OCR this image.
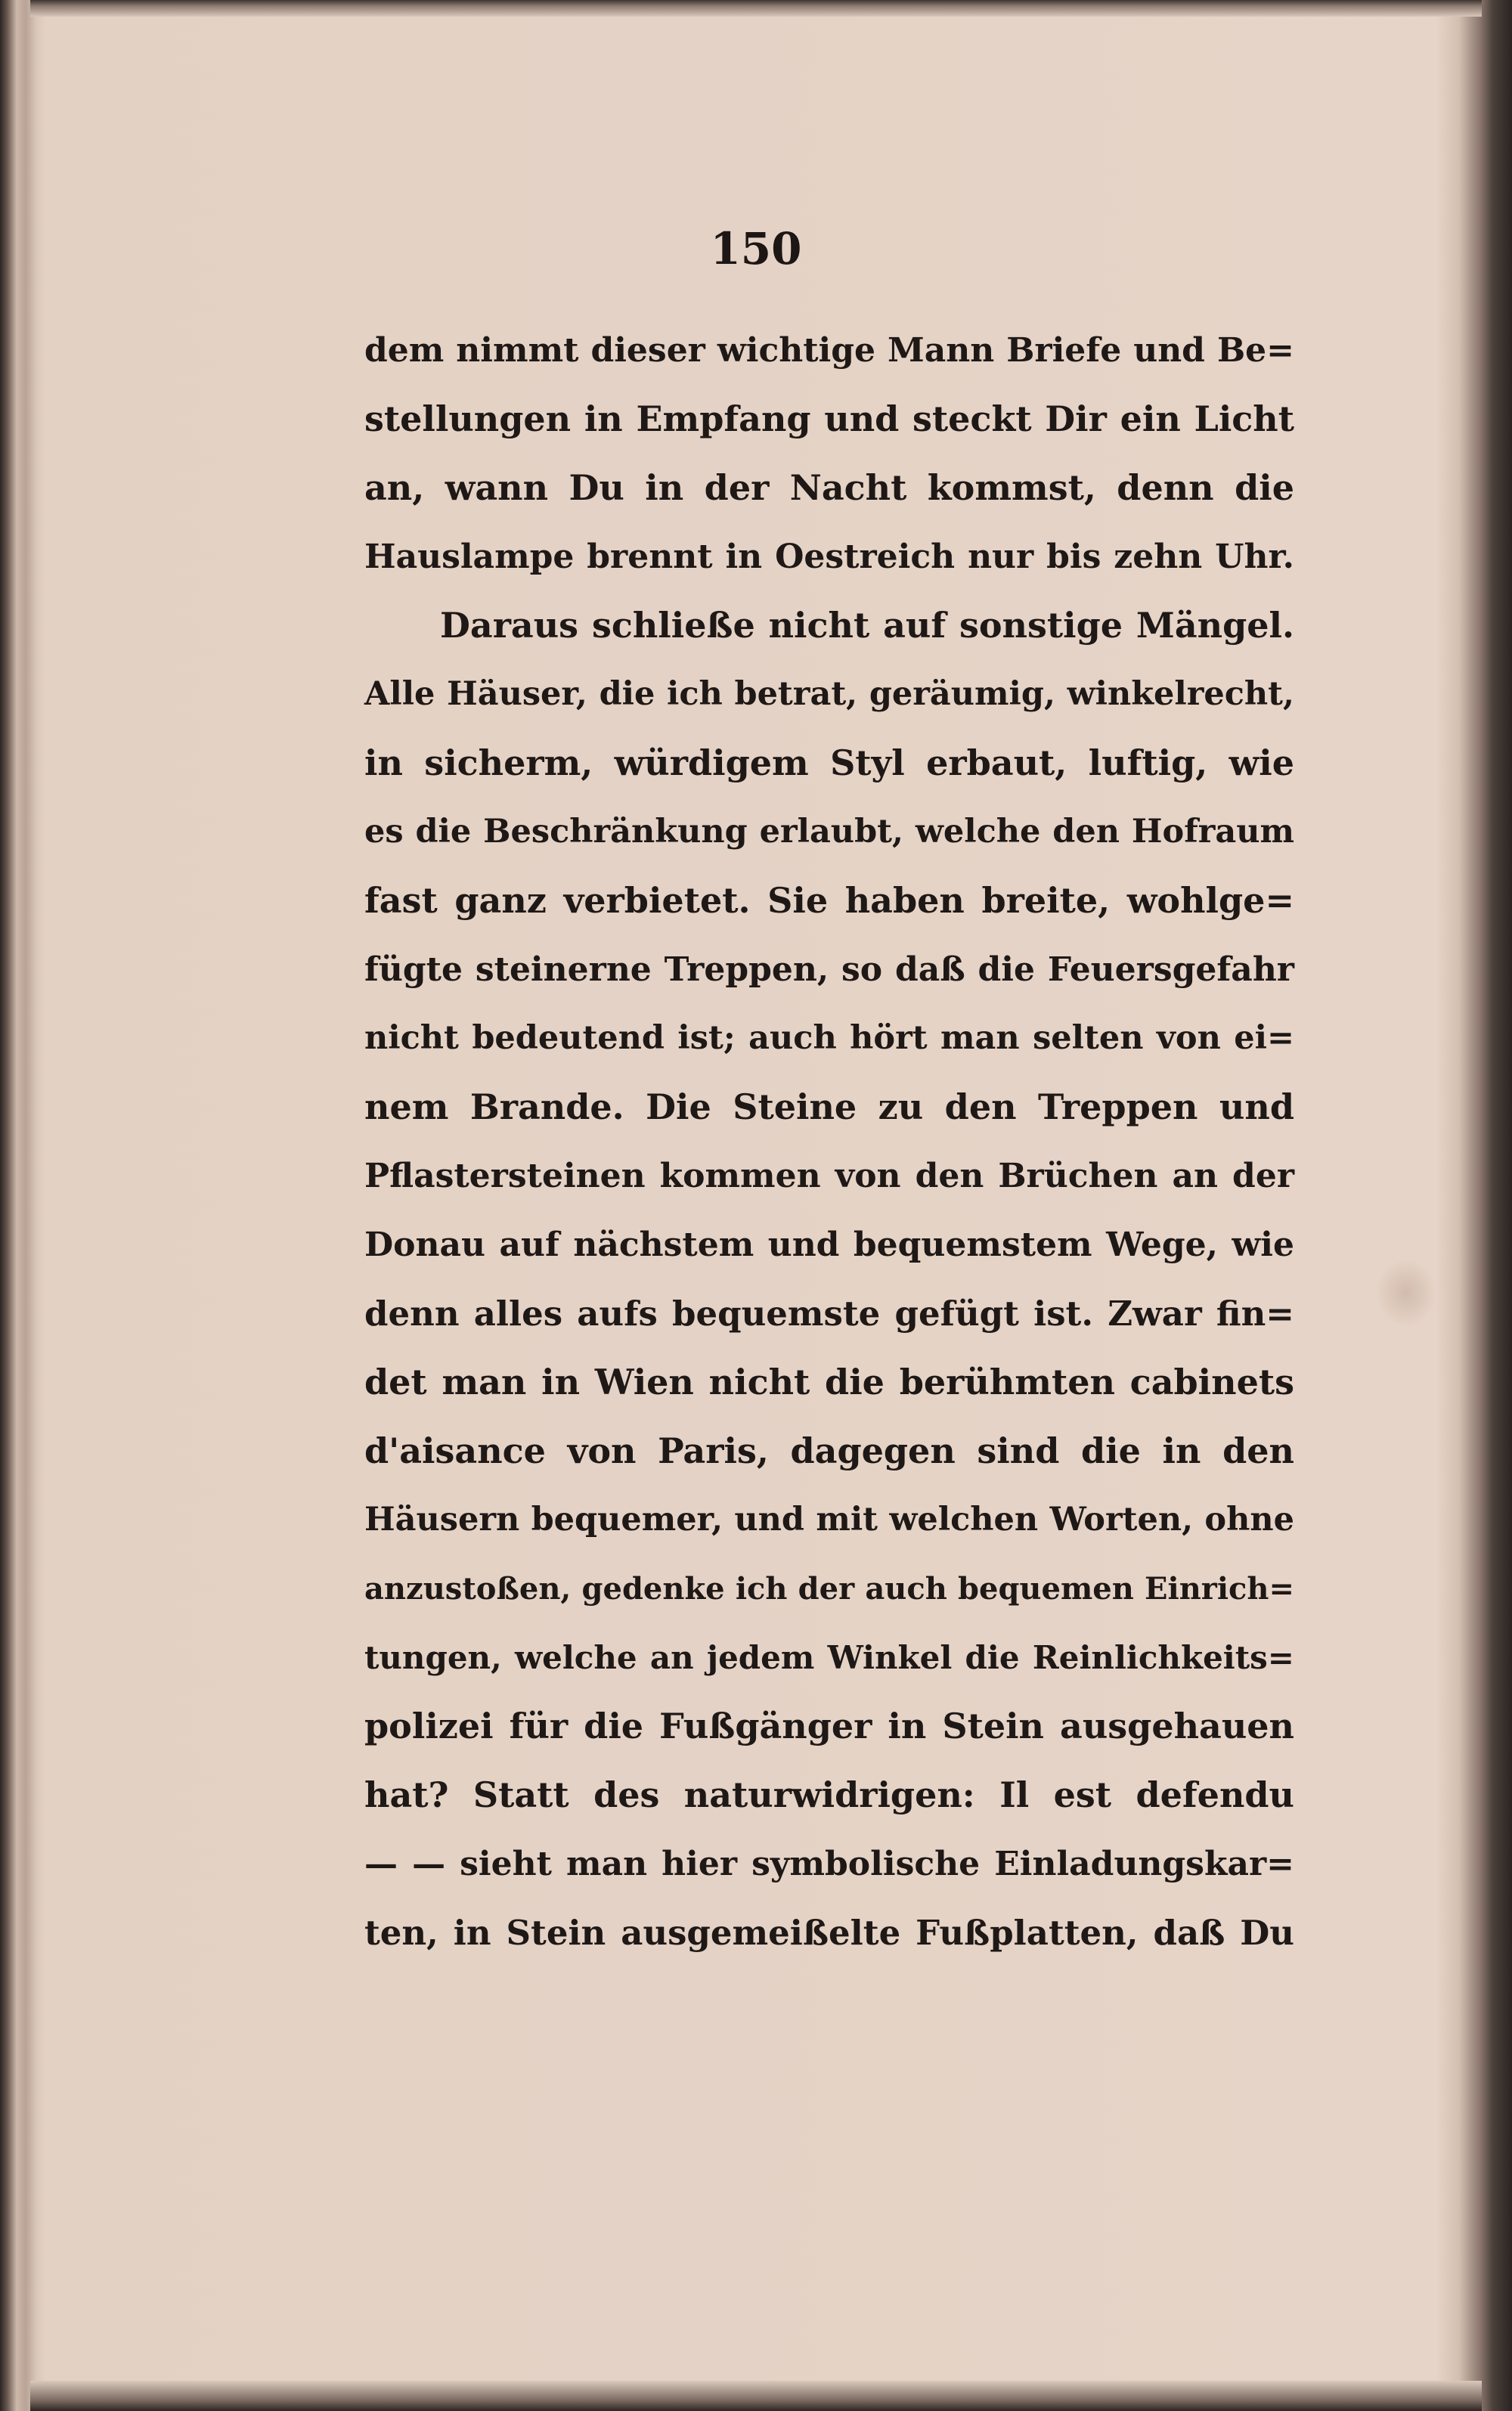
150
dem nimmt dieser wichtige Mann Briefe und Be=
stellungen in Empfang und steckt Dir ein Licht
an, wann Du in der Nacht kommst, denn die
Hauslampe brennt in Oestreich nur bis zehn Uhr.
Daraus schließe nicht auf sonstige Mängel.
Alle Häuser, die ich betrat, geräumig, winkelrecht,
in sicherm, würdigem Styl erbaut, luftig, wie
es die Beschränkung erlaubt, welche den Hofraum
fast ganz verbietet. Sie haben breite, wohlge=
fügte steinerne Treppen, so daß die Feuersgefahr
nicht bedeutend ist; auch hört man selten von ei=
nem Brande. Die Steine zu den Treppen und
Pflastersteinen kommen von den Brüchen an der
Donau auf nächstem und bequemstem Wege, wie
denn alles aufs bequemste gefügt ist. Zwar fin=
det man in Wien nicht die berühmten cabinets
d'aisance von Paris, dagegen sind die in den
Häusern bequemer, und mit welchen Worten, ohne
anzustoßen, gedenke ich der auch bequemen Einrich=
tungen, welche an jedem Winkel die Reinlichkeits=
polizei für die Fußgänger in Stein ausgehauen
hat? Statt des naturwidrigen: Il est defendu
— — sieht man hier symbolische Einladungskar=
ten, in Stein ausgemeißelte Fußplatten, daß Du
